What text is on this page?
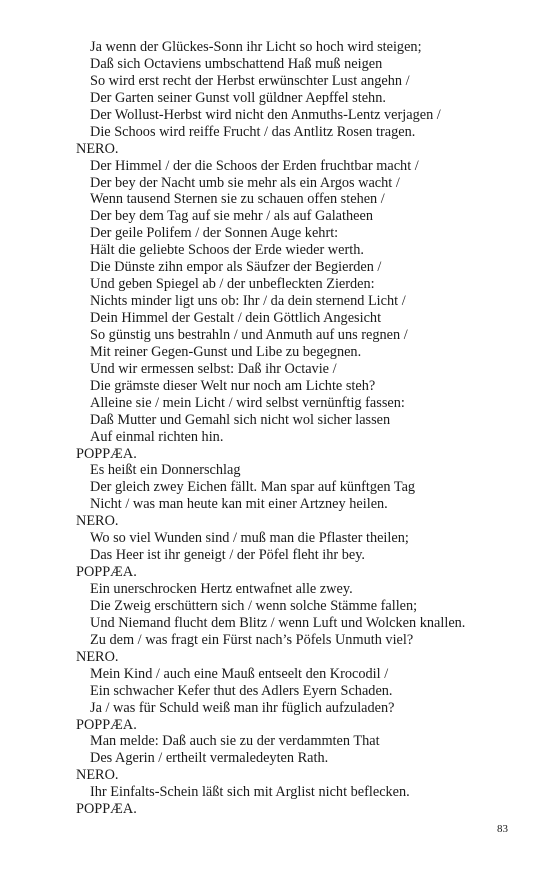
Ja wenn der Glückes-Sonn ihr Licht so hoch wird steigen;
Daß sich Octaviens umbschattend Haß muß neigen
So wird erst recht der Herbst erwünschter Lust angehn /
Der Garten seiner Gunst voll güldner Aepffel stehn.
Der Wollust-Herbst wird nicht den Anmuths-Lentz verjagen /
Die Schoos wird reiffe Frucht / das Antlitz Rosen tragen.
NERO.
Der Himmel / der die Schoos der Erden fruchtbar macht /
Der bey der Nacht umb sie mehr als ein Argos wacht /
Wenn tausend Sternen sie zu schauen offen stehen /
Der bey dem Tag auf sie mehr / als auf Galatheen
Der geile Polifem / der Sonnen Auge kehrt:
Hält die geliebte Schoos der Erde wieder werth.
Die Dünste zihn empor als Säufzer der Begierden /
Und geben Spiegel ab / der unbefleckten Zierden:
Nichts minder ligt uns ob: Ihr / da dein sternend Licht /
Dein Himmel der Gestalt / dein Göttlich Angesicht
So günstig uns bestrahln / und Anmuth auf uns regnen /
Mit reiner Gegen-Gunst und Libe zu begegnen.
Und wir ermessen selbst: Daß ihr Octavie /
Die grämste dieser Welt nur noch am Lichte steh?
Alleine sie / mein Licht / wird selbst vernünftig fassen:
Daß Mutter und Gemahl sich nicht wol sicher lassen
Auf einmal richten hin.
POPPÆA.
Es heißt ein Donnerschlag
Der gleich zwey Eichen fällt. Man spar auf künftgen Tag
Nicht / was man heute kan mit einer Artzney heilen.
NERO.
Wo so viel Wunden sind / muß man die Pflaster theilen;
Das Heer ist ihr geneigt / der Pöfel fleht ihr bey.
POPPÆA.
Ein unerschrocken Hertz entwafnet alle zwey.
Die Zweig erschüttern sich / wenn solche Stämme fallen;
Und Niemand flucht dem Blitz / wenn Luft und Wolcken knallen.
Zu dem / was fragt ein Fürst nach’s Pöfels Unmuth viel?
NERO.
Mein Kind / auch eine Mauß entseelt den Krocodil /
Ein schwacher Kefer thut des Adlers Eyern Schaden.
Ja / was für Schuld weiß man ihr füglich aufzuladen?
POPPÆA.
Man melde: Daß auch sie zu der verdammten That
Des Agerin / ertheilt vermaledeyten Rath.
NERO.
Ihr Einfalts-Schein läßt sich mit Arglist nicht beflecken.
POPPÆA.
83
